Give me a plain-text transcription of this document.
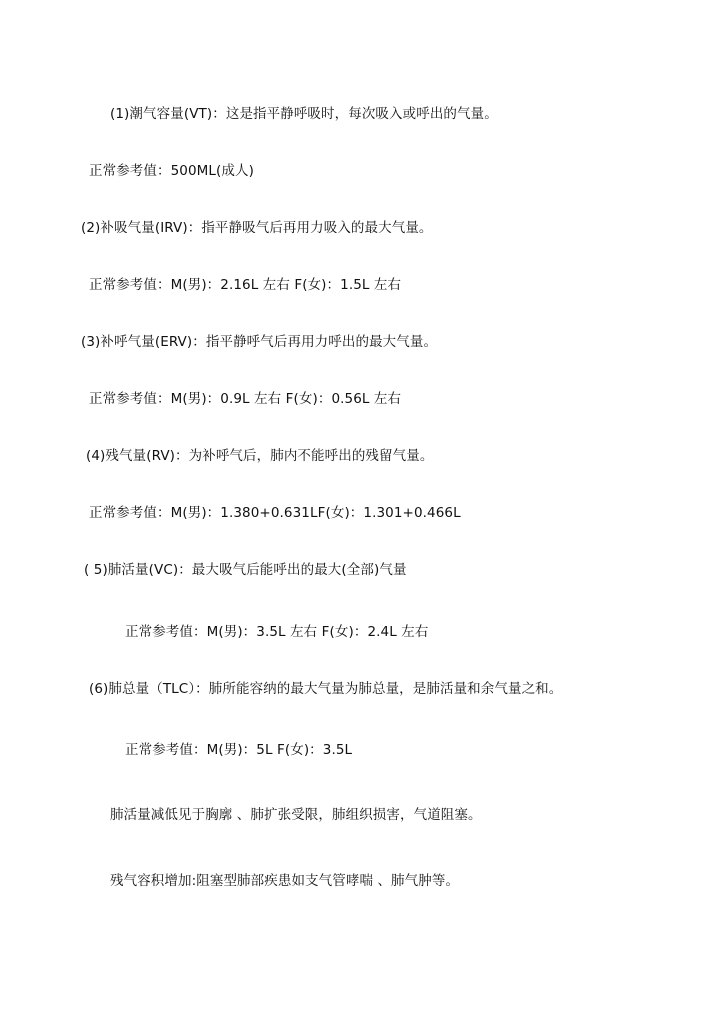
(1)潮气容量(VT)：这是指平静呼吸时，每次吸入或呼出的气量。
正常参考值：500ML(成人)
(2)补吸气量(IRV)：指平静吸气后再用力吸入的最大气量。
正常参考值：M(男)：2.16L 左右 F(女)：1.5L 左右
(3)补呼气量(ERV)：指平静呼气后再用力呼出的最大气量。
正常参考值：M(男)：0.9L 左右 F(女)：0.56L 左右
(4)残气量(RV)：为补呼气后，肺内不能呼出的残留气量。
正常参考值：M(男)：1.380+0.631LF(女)：1.301+0.466L
( 5)肺活量(VC)：最大吸气后能呼出的最大(全部)气量
正常参考值：M(男)：3.5L 左右 F(女)：2.4L 左右
(6)肺总量（TLC）：肺所能容纳的最大气量为肺总量，是肺活量和余气量之和。
正常参考值：M(男)：5L F(女)：3.5L
肺活量减低见于胸廓 、肺扩张受限，肺组织损害，气道阻塞。
残气容积增加:阻塞型肺部疾患如支气管哮喘 、肺气肿等。
